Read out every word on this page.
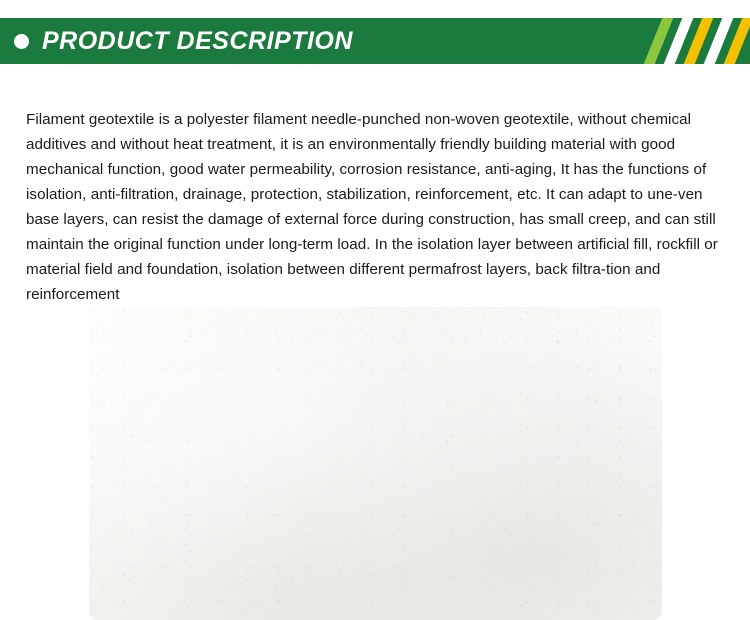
PRODUCT DESCRIPTION

Filament geotextile is a polyester filament needle-punched non-woven geotextile, without chemical additives and without heat treatment, it is an environmentally friendly building material with good mechanical function, good water permeability, corrosion resistance, anti-aging, It has the functions of isolation, anti-filtration, drainage, protection, stabilization, reinforcement, etc. It can adapt to une-ven base layers, can resist the damage of external force during construction, has small creep, and can still maintain the original function under long-term load. In the isolation layer between artificial fill, rockfill or material field and foundation, isolation between different permafrost layers, back filtra-tion and reinforcement
